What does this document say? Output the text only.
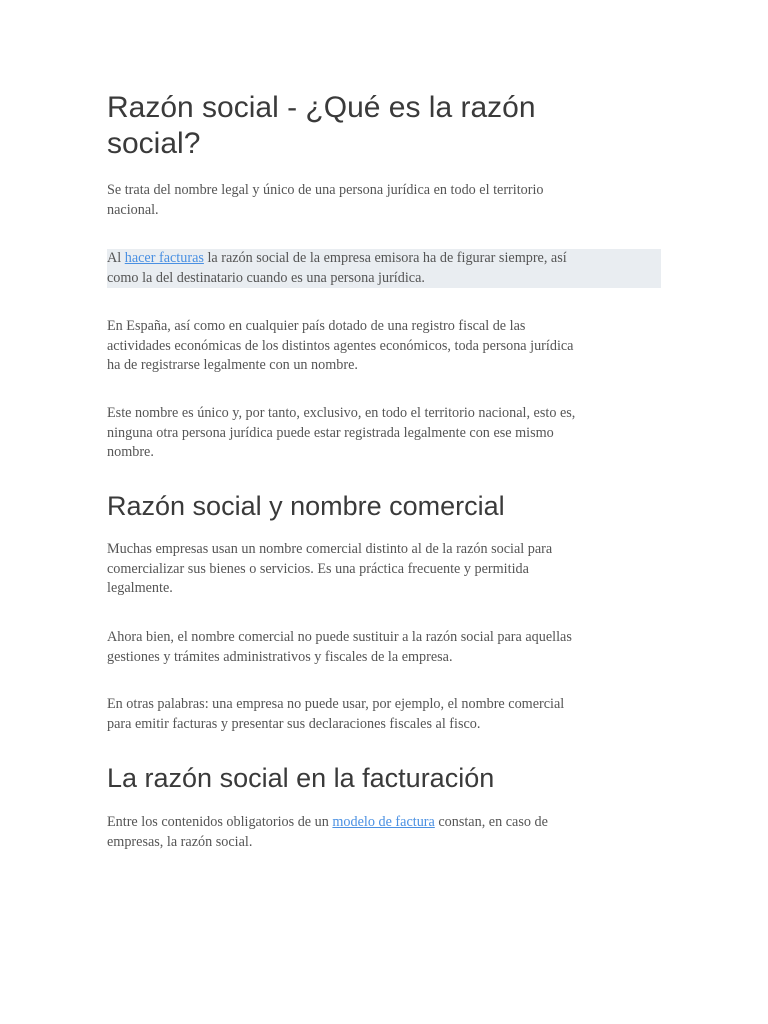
Razón social - ¿Qué es la razón
social?

Se trata del nombre legal y único de una persona jurídica en todo el territorio
nacional.

Al hacer facturas la razón social de la empresa emisora ha de figurar siempre, así
como la del destinatario cuando es una persona jurídica.

En España, así como en cualquier país dotado de una registro fiscal de las
actividades económicas de los distintos agentes económicos, toda persona jurídica
ha de registrarse legalmente con un nombre.

Este nombre es único y, por tanto, exclusivo, en todo el territorio nacional, esto es,
ninguna otra persona jurídica puede estar registrada legalmente con ese mismo
nombre.

Razón social y nombre comercial

Muchas empresas usan un nombre comercial distinto al de la razón social para
comercializar sus bienes o servicios. Es una práctica frecuente y permitida
legalmente.

Ahora bien, el nombre comercial no puede sustituir a la razón social para aquellas
gestiones y trámites administrativos y fiscales de la empresa.

En otras palabras: una empresa no puede usar, por ejemplo, el nombre comercial
para emitir facturas y presentar sus declaraciones fiscales al fisco.

La razón social en la facturación

Entre los contenidos obligatorios de un modelo de factura constan, en caso de
empresas, la razón social.
